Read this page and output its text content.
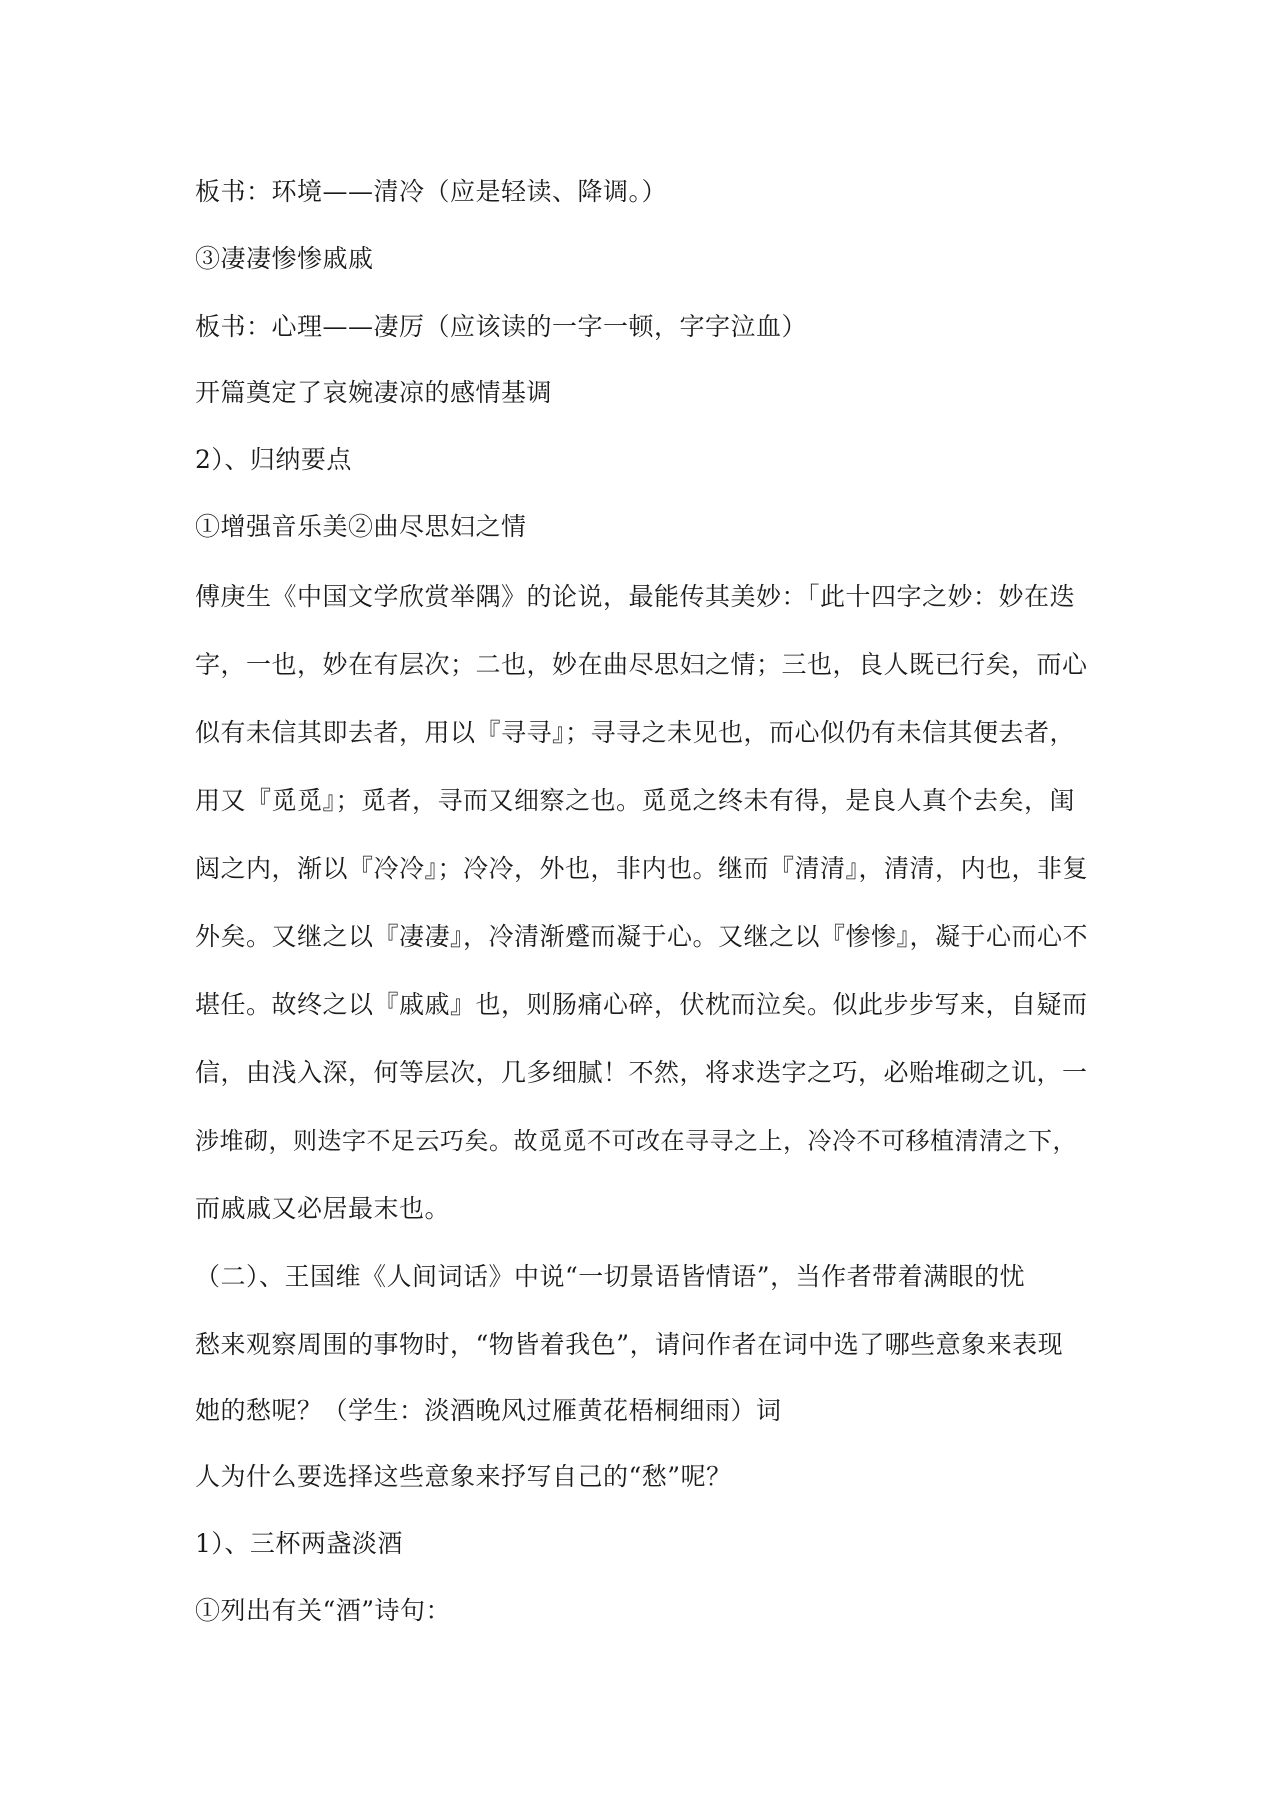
板书：环境——清冷（应是轻读、降调。）
③凄凄惨惨戚戚
板书：心理——凄厉（应该读的一字一顿，字字泣血）
开篇奠定了哀婉凄凉的感情基调
2）、归纳要点
①增强音乐美②曲尽思妇之情
傅庚生《中国文学欣赏举隅》的论说，最能传其美妙：「此十四字之妙：妙在迭
字，一也，妙在有层次；二也，妙在曲尽思妇之情；三也，良人既已行矣，而心
似有未信其即去者，用以『寻寻』；寻寻之未见也，而心似仍有未信其便去者，
用又『觅觅』；觅者，寻而又细察之也。觅觅之终未有得，是良人真个去矣，闺
闼之内，渐以『冷冷』；冷冷，外也，非内也。继而『清清』，清清，内也，非复
外矣。又继之以『凄凄』，冷清渐蹙而凝于心。又继之以『惨惨』，凝于心而心不
堪任。故终之以『戚戚』也，则肠痛心碎，伏枕而泣矣。似此步步写来，自疑而
信，由浅入深，何等层次，几多细腻！不然，将求迭字之巧，必贻堆砌之讥，一
涉堆砌，则迭字不足云巧矣。故觅觅不可改在寻寻之上，冷冷不可移植清清之下，
而戚戚又必居最末也。
（二）、王国维《人间词话》中说“一切景语皆情语”，当作者带着满眼的忧
愁来观察周围的事物时，“物皆着我色”，请问作者在词中选了哪些意象来表现
她的愁呢？（学生：淡酒晚风过雁黄花梧桐细雨）词
人为什么要选择这些意象来抒写自己的“愁”呢？
1）、三杯两盏淡酒
①列出有关“酒”诗句：
